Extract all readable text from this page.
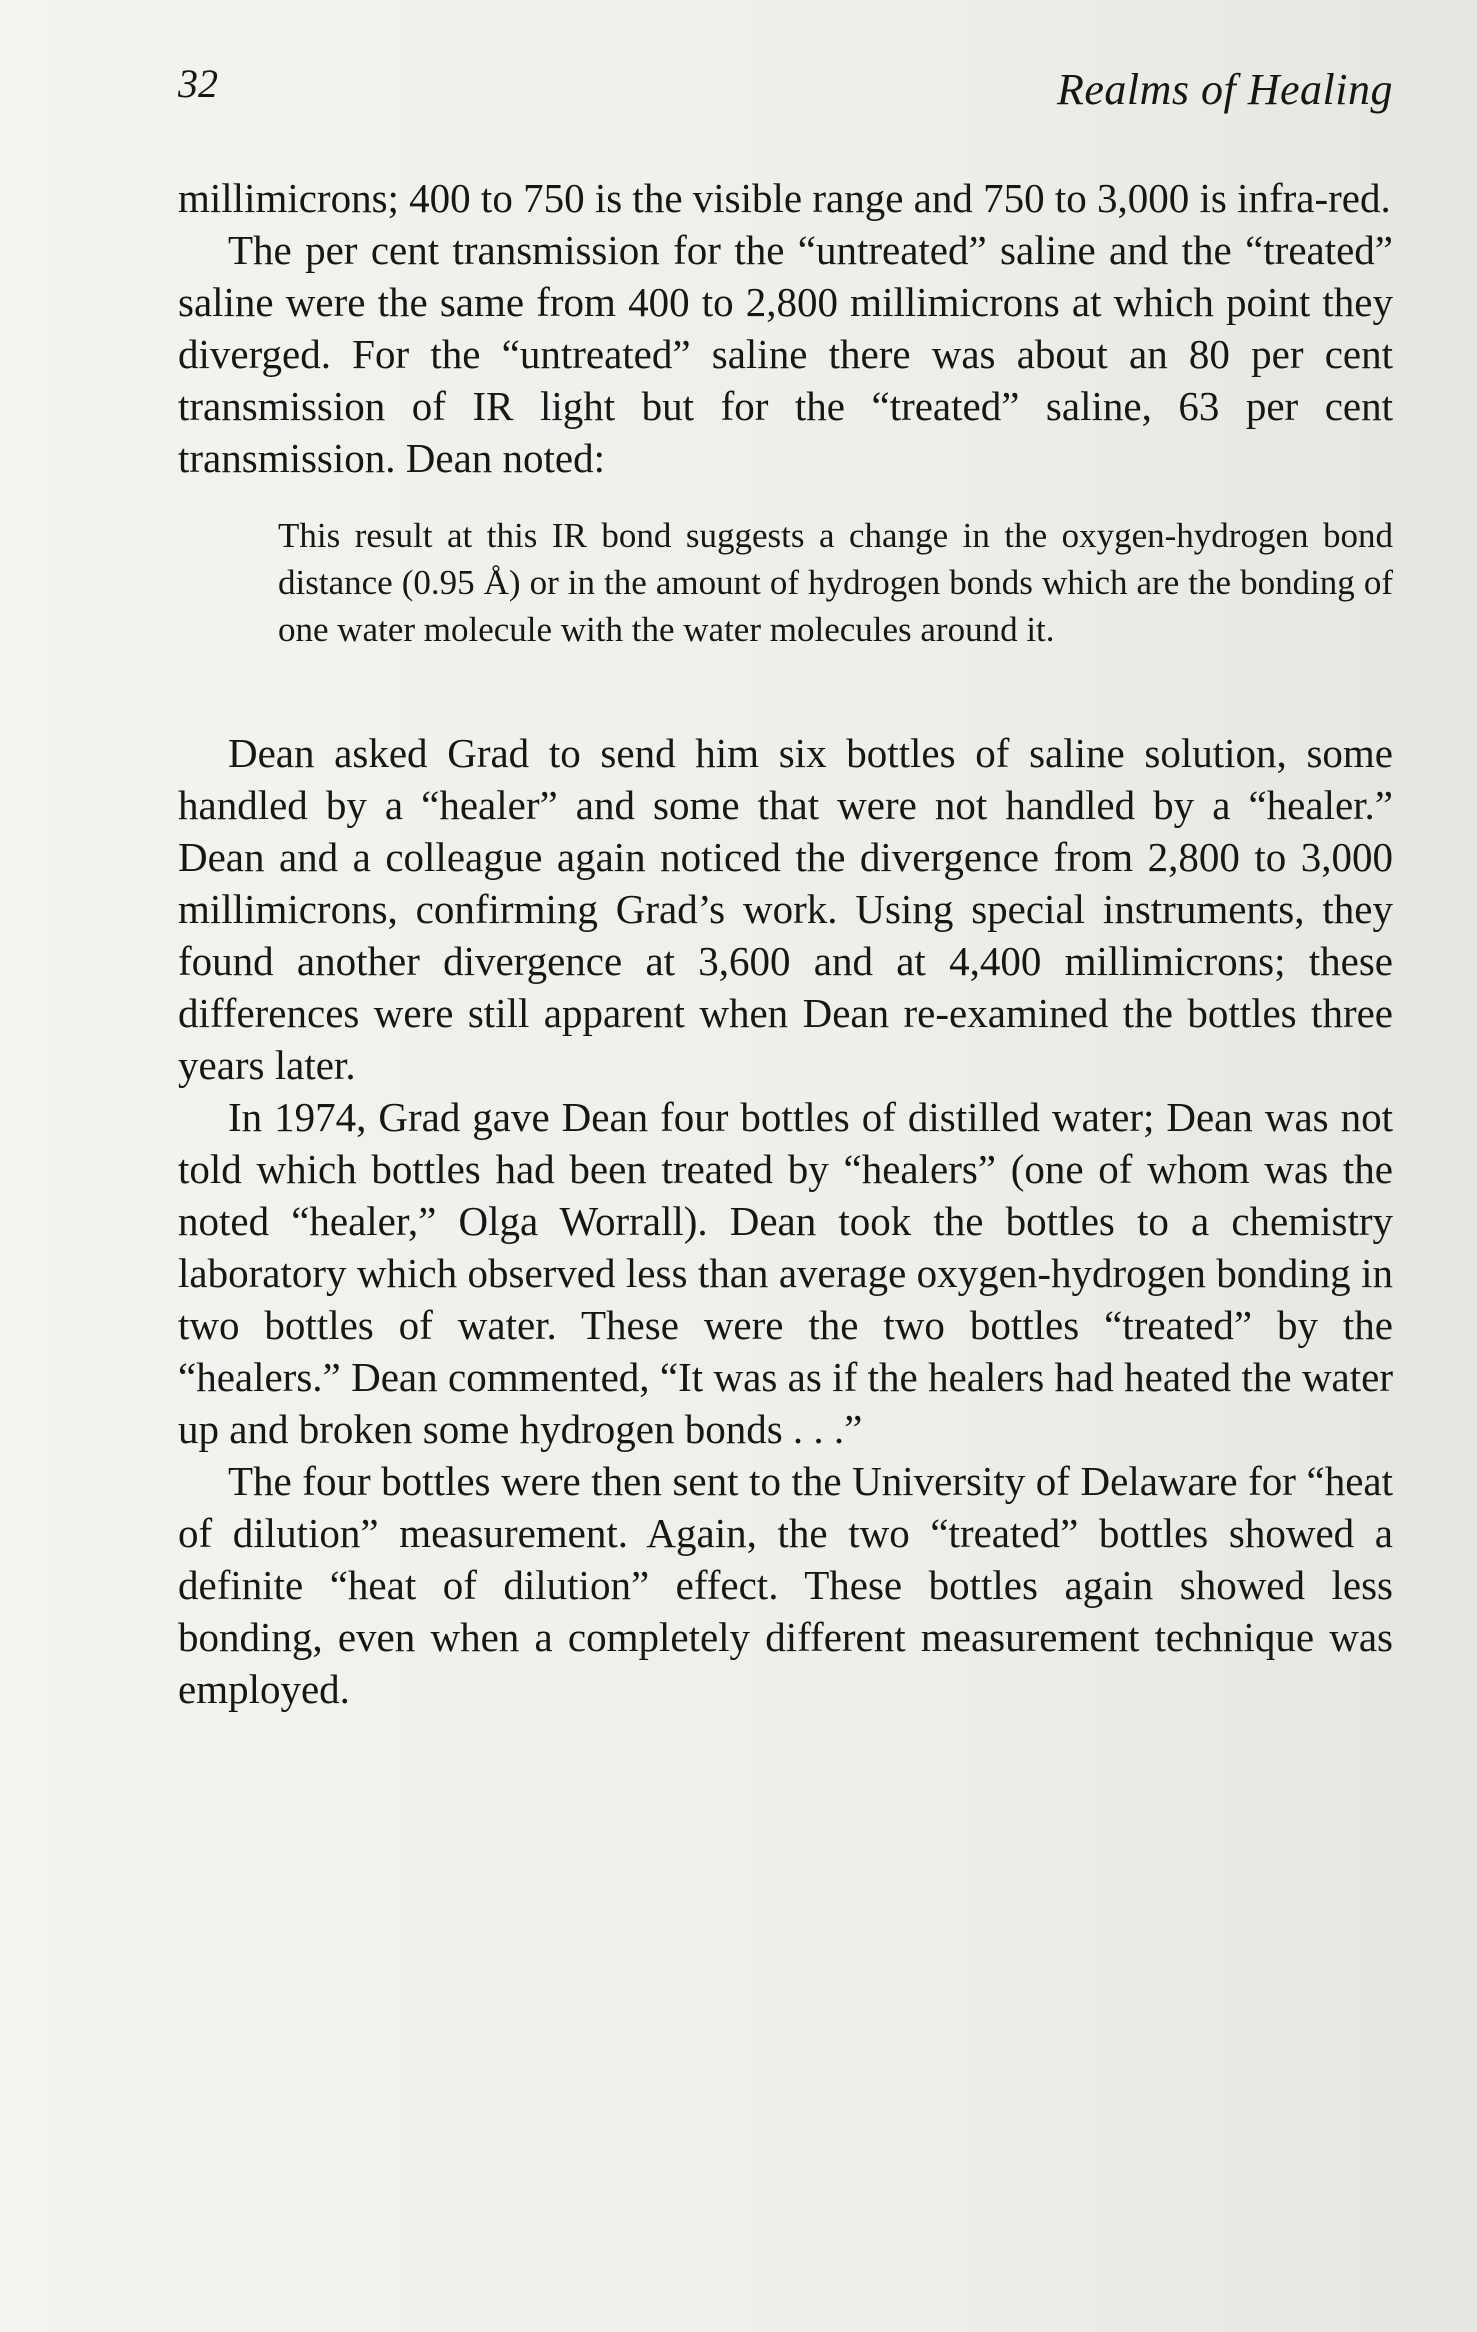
32	Realms of Healing

millimicrons; 400 to 750 is the visible range and 750 to 3,000 is infra-red.

The per cent transmission for the “untreated” saline and the “treated” saline were the same from 400 to 2,800 millimicrons at which point they diverged. For the “untreated” saline there was about an 80 per cent transmission of IR light but for the “treated” saline, 63 per cent transmission. Dean noted:

This result at this IR bond suggests a change in the oxygen-hydrogen bond distance (0.95 Å) or in the amount of hydrogen bonds which are the bonding of one water molecule with the water molecules around it.

Dean asked Grad to send him six bottles of saline solution, some handled by a “healer” and some that were not handled by a “healer.” Dean and a colleague again noticed the divergence from 2,800 to 3,000 millimicrons, confirming Grad’s work. Using special instruments, they found another divergence at 3,600 and at 4,400 millimicrons; these differences were still apparent when Dean re-examined the bottles three years later.

In 1974, Grad gave Dean four bottles of distilled water; Dean was not told which bottles had been treated by “healers” (one of whom was the noted “healer,” Olga Worrall). Dean took the bottles to a chemistry laboratory which observed less than average oxygen-hydrogen bonding in two bottles of water. These were the two bottles “treated” by the “healers.” Dean commented, “It was as if the healers had heated the water up and broken some hydrogen bonds . . .”

The four bottles were then sent to the University of Delaware for “heat of dilution” measurement. Again, the two “treated” bottles showed a definite “heat of dilution” effect. These bottles again showed less bonding, even when a completely different measurement technique was employed.
